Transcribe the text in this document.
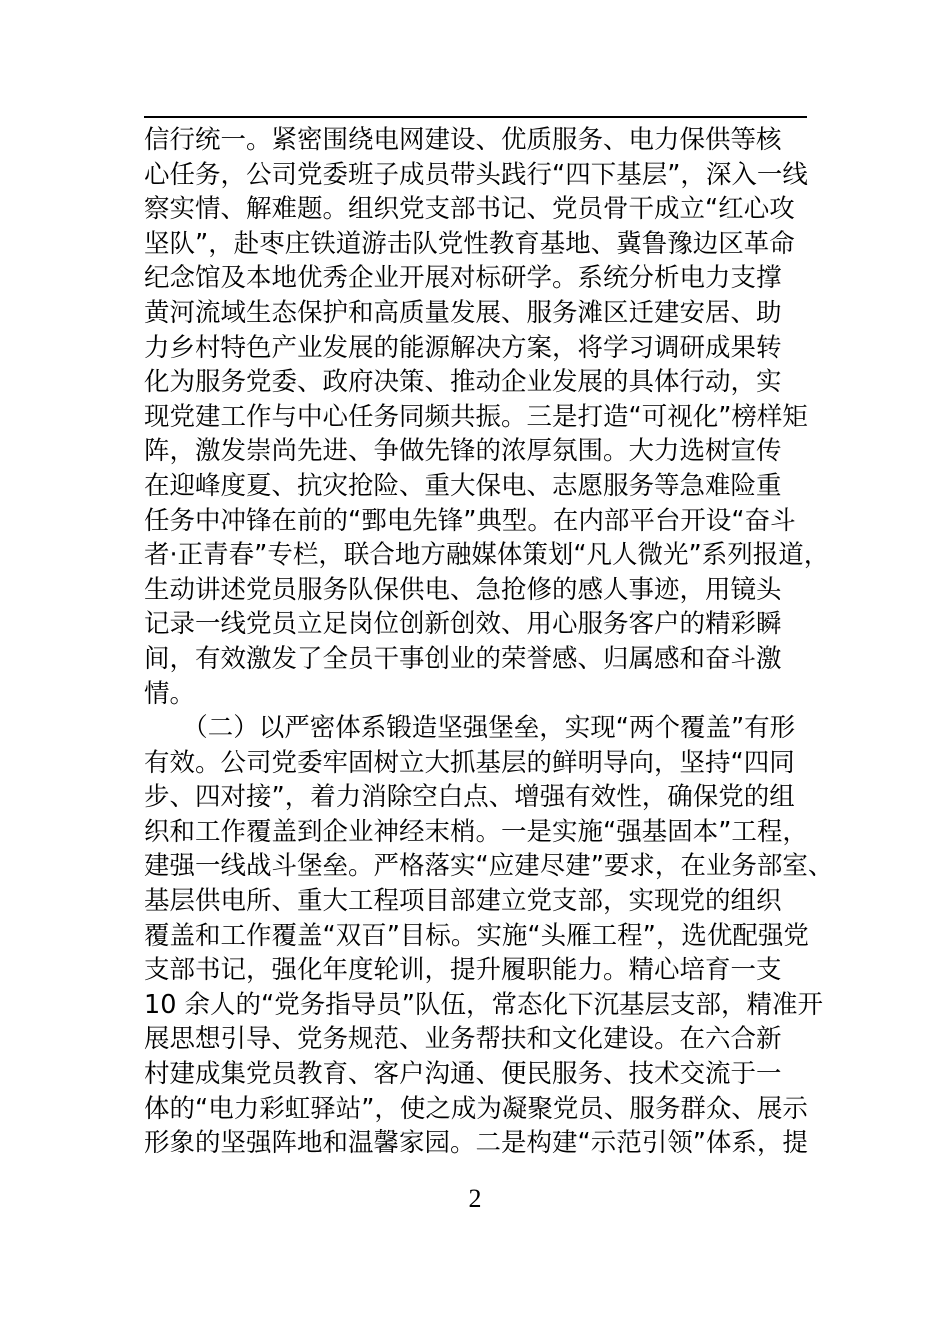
信行统一。紧密围绕电网建设、优质服务、电力保供等核
心任务，公司党委班子成员带头践行“四下基层”，深入一线
察实情、解难题。组织党支部书记、党员骨干成立“红心攻
坚队”，赴枣庄铁道游击队党性教育基地、冀鲁豫边区革命
纪念馆及本地优秀企业开展对标研学。系统分析电力支撑
黄河流域生态保护和高质量发展、服务滩区迁建安居、助
力乡村特色产业发展的能源解决方案，将学习调研成果转
化为服务党委、政府决策、推动企业发展的具体行动，实
现党建工作与中心任务同频共振。三是打造“可视化”榜样矩
阵，激发崇尚先进、争做先锋的浓厚氛围。大力选树宣传
在迎峰度夏、抗灾抢险、重大保电、志愿服务等急难险重
任务中冲锋在前的“鄄电先锋”典型。在内部平台开设“奋斗
者·正青春”专栏，联合地方融媒体策划“凡人微光”系列报道，
生动讲述党员服务队保供电、急抢修的感人事迹，用镜头
记录一线党员立足岗位创新创效、用心服务客户的精彩瞬
间，有效激发了全员干事创业的荣誉感、归属感和奋斗激
情。
　　（二）以严密体系锻造坚强堡垒，实现“两个覆盖”有形
有效。公司党委牢固树立大抓基层的鲜明导向，坚持“四同
步、四对接”，着力消除空白点、增强有效性，确保党的组
织和工作覆盖到企业神经末梢。一是实施“强基固本”工程，
建强一线战斗堡垒。严格落实“应建尽建”要求，在业务部室、
基层供电所、重大工程项目部建立党支部，实现党的组织
覆盖和工作覆盖“双百”目标。实施“头雁工程”，选优配强党
支部书记，强化年度轮训，提升履职能力。精心培育一支
10 余人的“党务指导员”队伍，常态化下沉基层支部，精准开
展思想引导、党务规范、业务帮扶和文化建设。在六合新
村建成集党员教育、客户沟通、便民服务、技术交流于一
体的“电力彩虹驿站”，使之成为凝聚党员、服务群众、展示
形象的坚强阵地和温馨家园。二是构建“示范引领”体系，提
2
